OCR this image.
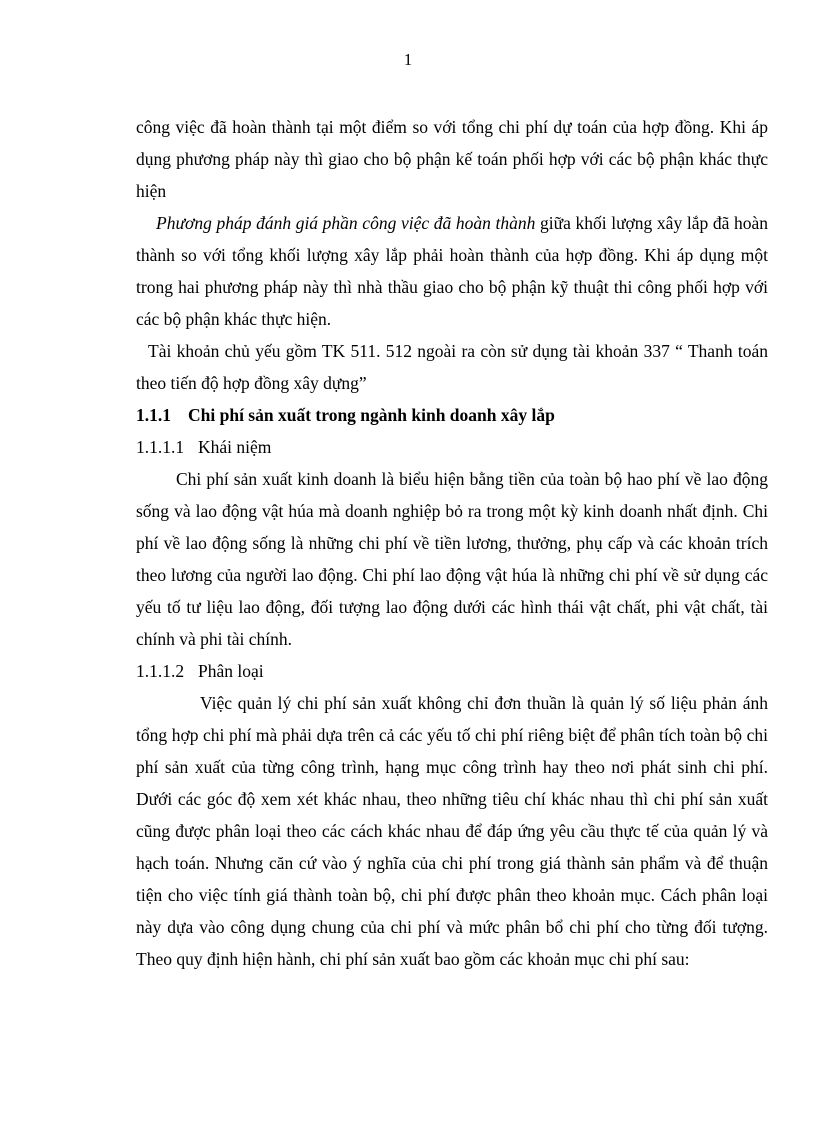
1

công việc đã hoàn thành tại một điểm so với tổng chi phí dự toán của hợp đồng. Khi áp dụng phương pháp này thì giao cho bộ phận kế toán phối hợp với các bộ phận khác thực hiện

Phương pháp đánh giá phần công việc đã hoàn thành giữa khối lượng xây lắp đã hoàn thành so với tổng khối lượng xây lắp phải hoàn thành của hợp đồng. Khi áp dụng một trong hai phương pháp này thì nhà thầu giao cho bộ phận kỹ thuật thi công phối hợp với các bộ phận khác thực hiện.

Tài khoản chủ yếu gồm TK 511. 512 ngoài ra còn sử dụng tài khoản 337 “ Thanh toán theo tiến độ hợp đồng xây dựng”

1.1.1 Chi phí sản xuất trong ngành kinh doanh xây lắp
1.1.1.1 Khái niệm

Chi phí sản xuất kinh doanh là biểu hiện bằng tiền của toàn bộ hao phí về lao động sống và lao động vật húa mà doanh nghiệp bỏ ra trong một kỳ kinh doanh nhất định. Chi phí về lao động sống là những chi phí về tiền lương, thưởng, phụ cấp và các khoản trích theo lương của người lao động. Chi phí lao động vật húa là những chi phí về sử dụng các yếu tố tư liệu lao động, đối tượng lao động dưới các hình thái vật chất, phi vật chất, tài chính và phi tài chính.

1.1.1.2 Phân loại

Việc quản lý chi phí sản xuất không chỉ đơn thuần là quản lý số liệu phản ánh tổng hợp chi phí mà phải dựa trên cả các yếu tố chi phí riêng biệt để phân tích toàn bộ chi phí sản xuất của từng công trình, hạng mục công trình hay theo nơi phát sinh chi phí. Dưới các góc độ xem xét khác nhau, theo những tiêu chí khác nhau thì chi phí sản xuất cũng được phân loại theo các cách khác nhau để đáp ứng yêu cầu thực tế của quản lý và hạch toán. Nhưng căn cứ vào ý nghĩa của chi phí trong giá thành sản phẩm và để thuận tiện cho việc tính giá thành toàn bộ, chi phí được phân theo khoản mục. Cách phân loại này dựa vào công dụng chung của chi phí và mức phân bổ chi phí cho từng đối tượng. Theo quy định hiện hành, chi phí sản xuất bao gồm các khoản mục chi phí sau:
